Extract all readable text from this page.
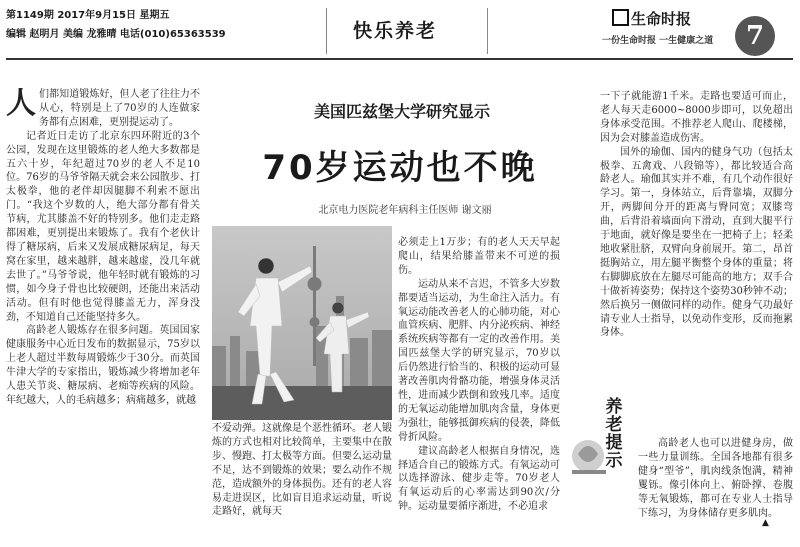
第1149期 2017年9月15日 星期五
编辑 赵明月 美编 龙雅晴 电话(010)65363539	快乐养老
生命时报
一份生命时报 一生健康之道	7

人们都知道锻炼好，但人老了往往力不从心，特别是上了70岁的人连做家务都有点困难，更别提运动了。

记者近日走访了北京东四环附近的3个公园，发现在这里锻炼的老人绝大多数都是五六十岁，年纪超过70岁的老人不足10位。76岁的马爷爷隔天就会来公园散步、打太极拳，他的老伴却因腿脚不利索不愿出门。“我这个岁数的人，绝大部分都有骨关节病，尤其膝盖不好的特别多。他们走走路都困难，更别提出来锻炼了。我有个老伙计得了糖尿病，后来又发展成糖尿病足，每天窝在家里，越来越胖，越来越虚，没几年就去世了。”马爷爷说，他年轻时就有锻炼的习惯，如今身子骨也比较硬朗，还能出来活动活动。但有时他也觉得膝盖无力，浑身没劲，不知道自己还能坚持多久。

高龄老人锻炼存在很多问题。英国国家健康服务中心近日发布的数据显示，75岁以上老人超过半数每周锻炼少于30分。而英国牛津大学的专家指出，锻炼减少将增加老年人患关节炎、糖尿病、老痴等疾病的风险。年纪越大，人的毛病越多；病痛越多，就越

美国匹兹堡大学研究显示
70岁运动也不晚
北京电力医院老年病科主任医师 谢文丽

不爱动弹。这就像是个恶性循环。老人锻炼的方式也相对比较简单，主要集中在散步、慢跑、打太极等方面。但要么运动量不足，达不到锻炼的效果；要么动作不规范，造成额外的身体损伤。还有的老人容易走进误区，比如盲目追求运动量，听说走路好，就每天

必须走上1万步；有的老人天天早起爬山，结果给膝盖带来不可逆的损伤。

运动从来不言迟，不管多大岁数都要适当运动，为生命注入活力。有氧运动能改善老人的心肺功能，对心血管疾病、肥胖、内分泌疾病、神经系统疾病等都有一定的改善作用。美国匹兹堡大学的研究显示，70岁以后仍然进行恰当的、积极的运动可显著改善肌肉骨骼功能，增强身体灵活性，进而减少跌倒和致残几率。适度的无氧运动能增加肌肉含量，身体更为强壮，能够抵御疾病的侵袭，降低骨折风险。

建议高龄老人根据自身情况，选择适合自己的锻炼方式。有氧运动可以选择游泳、健步走等。70岁老人有氧运动后的心率需达到90次/分钟。运动量要循序渐进，不必追求

一下子就能游1千米。走路也要适可而止，老人每天走6000~8000步即可，以免超出身体承受范围。不推荐老人爬山、爬楼梯，因为会对膝盖造成伤害。

国外的瑜伽、国内的健身气功（包括太极拳、五禽戏、八段锦等），都比较适合高龄老人。瑜伽其实并不难，有几个动作很好学习。第一，身体站立，后背靠墙，双脚分开，两脚间分开的距离与臀同宽；双膝弯曲，后背沿着墙面向下滑动，直到大腿平行于地面，就好像是要坐在一把椅子上；轻柔地收紧肚脐，双臂向身前展开。第二，昂首挺胸站立，用左腿平衡整个身体的重量；将右脚脚底放在左腿尽可能高的地方；双手合十做祈祷姿势；保持这个姿势30秒钟不动；然后换另一侧做同样的动作。健身气功最好请专业人士指导，以免动作变形，反而拖累身体。

养老提示

高龄老人也可以进健身房，做一些力量训练。全国各地都有很多健身“型爷”，肌肉线条饱满，精神矍铄。像引体向上、俯卧撑、卷腹等无氧锻炼，都可在专业人士指导下练习，为身体储存更多肌肉。

▲
